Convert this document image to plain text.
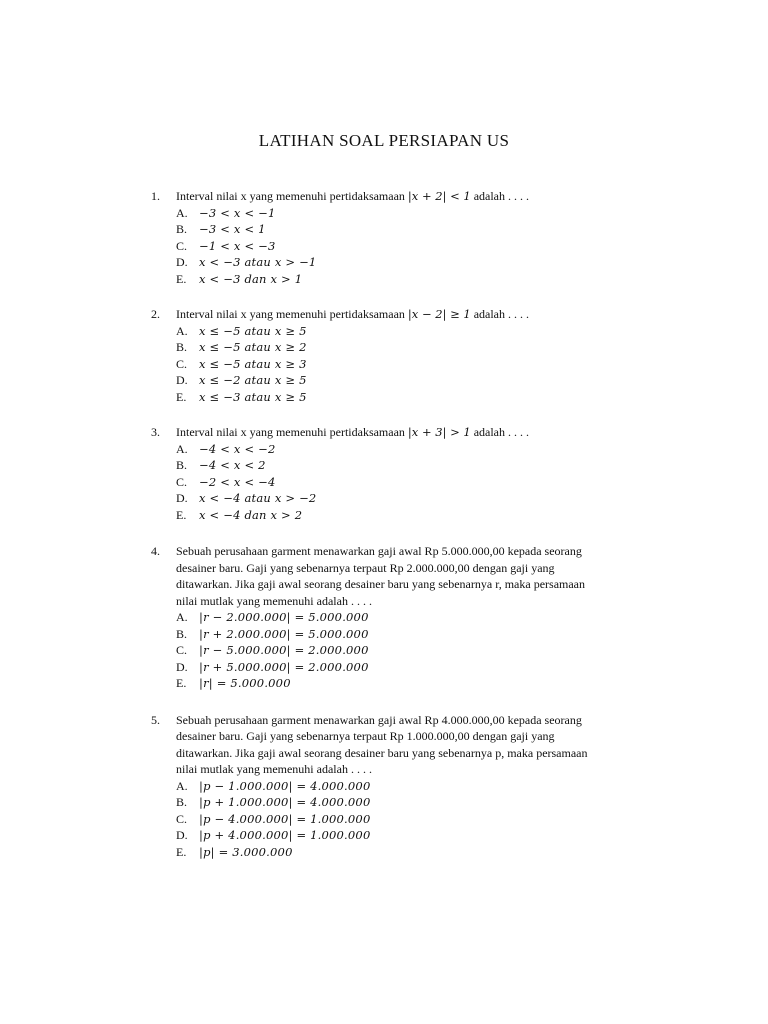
LATIHAN SOAL PERSIAPAN US
1.	Interval nilai x yang memenuhi pertidaksamaan |𝑥 + 2| < 1 adalah . . . .
A. −3 < 𝑥 < −1
B.	−3 < 𝑥 < 1
C.	−1 < 𝑥 < −3
D. 𝑥 < −3 𝑎𝑡𝑎𝑢 𝑥 > −1
E.	𝑥 < −3 𝑑𝑎𝑛 𝑥 > 1
2.	Interval nilai x yang memenuhi pertidaksamaan |𝑥 − 2| ≥ 1 adalah . . . .
A. 𝑥 ≤ −5 𝑎𝑡𝑎𝑢 𝑥 ≥ 5
B.	𝑥 ≤ −5 𝑎𝑡𝑎𝑢 𝑥 ≥ 2
C.	𝑥 ≤ −5 𝑎𝑡𝑎𝑢 𝑥 ≥ 3
D. 𝑥 ≤ −2 𝑎𝑡𝑎𝑢 𝑥 ≥ 5
E.	𝑥 ≤ −3 𝑎𝑡𝑎𝑢 𝑥 ≥ 5
3.	Interval nilai x yang memenuhi pertidaksamaan |𝑥 + 3| > 1 adalah . . . .
A. −4 < 𝑥 < −2
B.	−4 < 𝑥 < 2
C.	−2 < 𝑥 < −4
D. 𝑥 < −4 𝑎𝑡𝑎𝑢 𝑥 > −2
E.	𝑥 < −4 𝑑𝑎𝑛 𝑥 > 2
4.	Sebuah perusahaan garment menawarkan gaji awal Rp 5.000.000,00 kepada seorang
desainer baru. Gaji yang sebenarnya terpaut Rp 2.000.000,00 dengan gaji yang
ditawarkan. Jika gaji awal seorang desainer baru yang sebenarnya r, maka persamaan
nilai mutlak yang memenuhi adalah . . . .
A. |𝑟 − 2.000.000| = 5.000.000
B.	|𝑟 + 2.000.000| = 5.000.000
C.	|𝑟 − 5.000.000| = 2.000.000
D. |𝑟 + 5.000.000| = 2.000.000
E.	|𝑟| = 5.000.000
5.	Sebuah perusahaan garment menawarkan gaji awal Rp 4.000.000,00 kepada seorang
desainer baru. Gaji yang sebenarnya terpaut Rp 1.000.000,00 dengan gaji yang
ditawarkan. Jika gaji awal seorang desainer baru yang sebenarnya p, maka persamaan
nilai mutlak yang memenuhi adalah . . . .
A. |𝑝 − 1.000.000| = 4.000.000
B.	|𝑝 + 1.000.000| = 4.000.000
C.	|𝑝 − 4.000.000| = 1.000.000
D. |𝑝 + 4.000.000| = 1.000.000
E.	|𝑝| = 3.000.000
